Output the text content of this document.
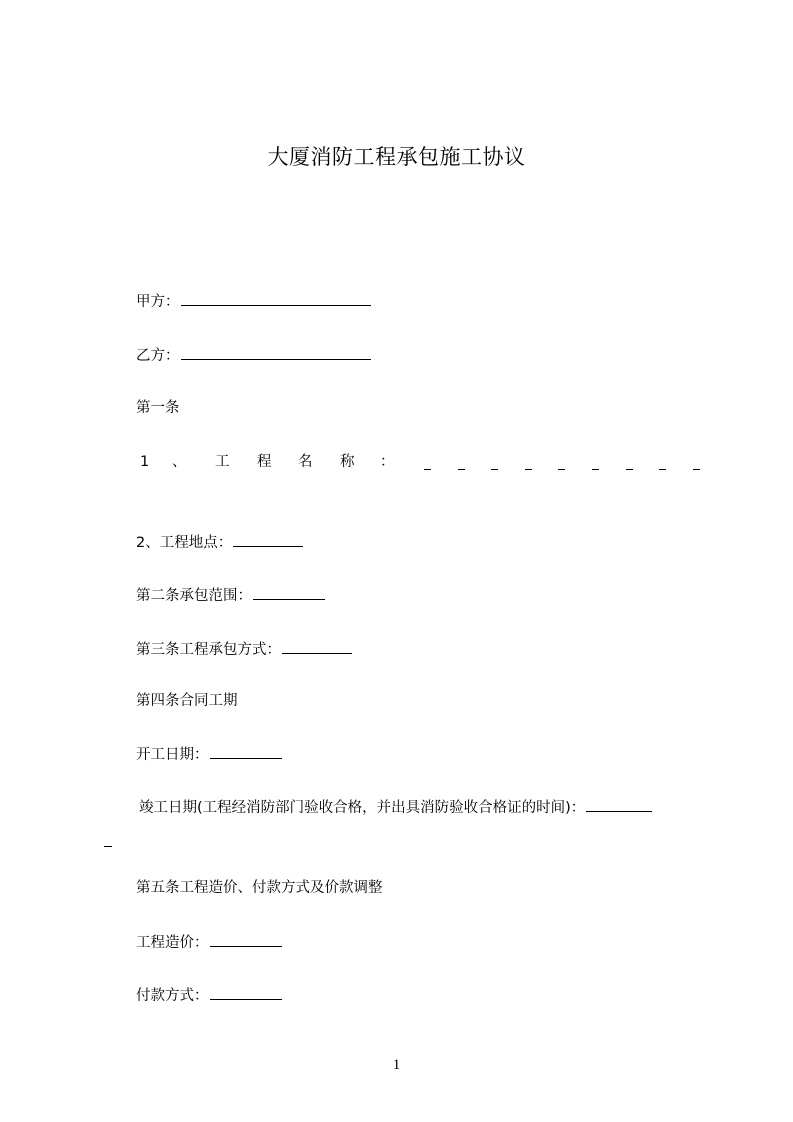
大厦消防工程承包施工协议
甲方：
乙方：
第一条
1 、 工 程 名 称 ：
2、工程地点：
第二条承包范围：
第三条工程承包方式：
第四条合同工期
开工日期：
竣工日期(工程经消防部门验收合格，并出具消防验收合格证的时间)：
第五条工程造价、付款方式及价款调整
工程造价：
付款方式：
1
